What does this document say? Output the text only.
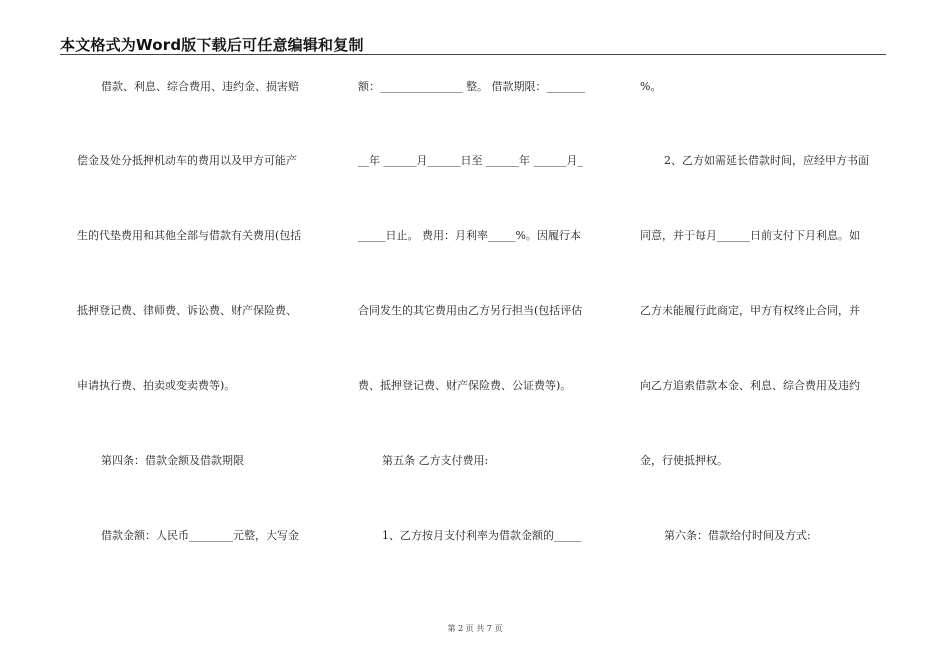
本文格式为Word版下载后可任意编辑和复制
借款、利息、综合费用、违约金、损害赔
偿金及处分抵押机动车的费用以及甲方可能产
生的代垫费用和其他全部与借款有关费用(包括
抵押登记费、律师费、诉讼费、财产保险费、
申请执行费、拍卖或变卖费等)。
第四条：借款金额及借款期限
借款金额：人民币________元整，大写金
额：_______________ 整。 借款期限：_______
__年 ______月______日至 ______年 ______月_
_____日止。 费用：月利率_____%。因履行本
合同发生的其它费用由乙方另行担当(包括评估
费、抵押登记费、财产保险费、公证费等)。
第五条 乙方支付费用:
1、乙方按月支付利率为借款金额的_____
%。
2、乙方如需延长借款时间，应经甲方书面
同意，并于每月______日前支付下月利息。如
乙方未能履行此商定，甲方有权终止合同，并
向乙方追索借款本金、利息、综合费用及违约
金，行使抵押权。
第六条：借款给付时间及方式:
第 2 页 共 7 页
